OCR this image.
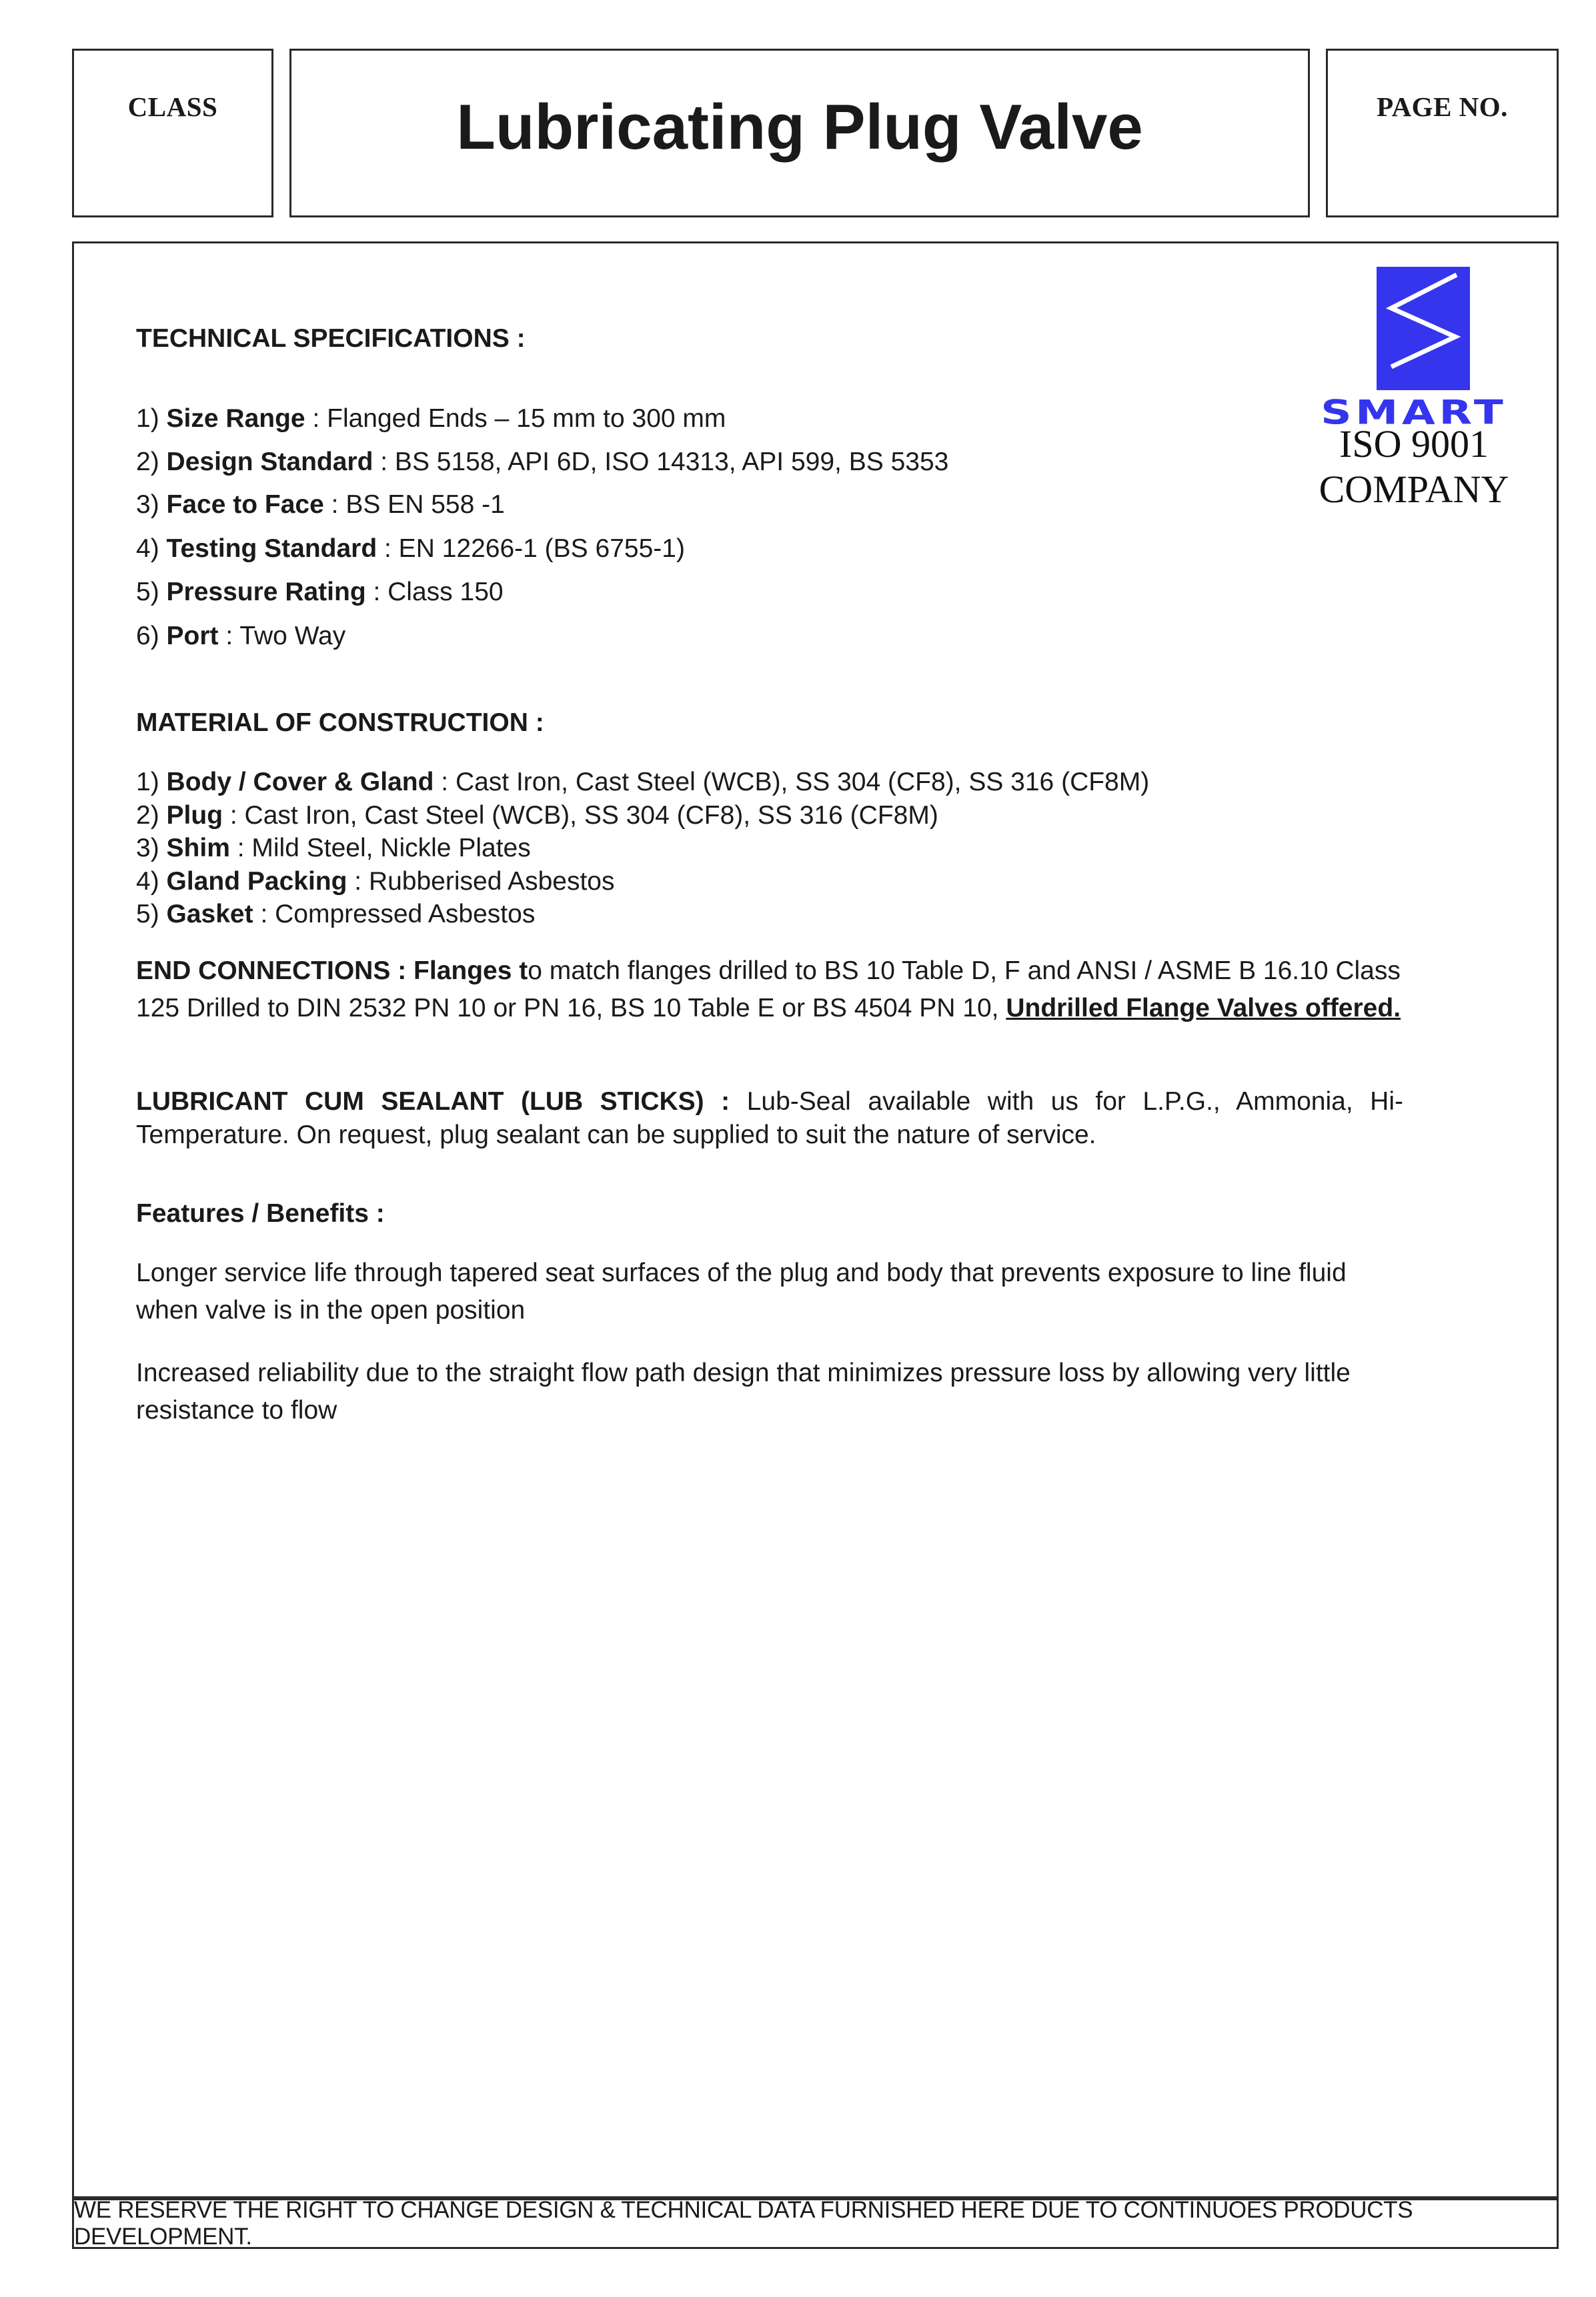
CLASS	Lubricating Plug Valve	PAGE NO.
SMART
ISO 9001
COMPANY
TECHNICAL SPECIFICATIONS :
1) Size Range : Flanged Ends – 15 mm to 300 mm
2) Design Standard : BS 5158, API 6D, ISO 14313, API 599, BS 5353
3) Face to Face : BS EN 558 -1
4) Testing Standard : EN 12266-1 (BS 6755-1)
5) Pressure Rating : Class 150
6) Port : Two Way
MATERIAL OF CONSTRUCTION :
1) Body / Cover & Gland : Cast Iron, Cast Steel (WCB), SS 304 (CF8), SS 316 (CF8M)
2) Plug : Cast Iron, Cast Steel (WCB), SS 304 (CF8), SS 316 (CF8M)
3) Shim : Mild Steel, Nickle Plates
4) Gland Packing : Rubberised Asbestos
5) Gasket : Compressed Asbestos
END CONNECTIONS : Flanges to match flanges drilled to BS 10 Table D, F and ANSI / ASME B 16.10 Class 125 Drilled to DIN 2532 PN 10 or PN 16, BS 10 Table E or BS 4504 PN 10, Undrilled Flange Valves offered.
LUBRICANT CUM SEALANT (LUB STICKS) : Lub-Seal available with us for L.P.G., Ammonia, Hi-Temperature. On request, plug sealant can be supplied to suit the nature of service.
Features / Benefits :
Longer service life through tapered seat surfaces of the plug and body that prevents exposure to line fluid when valve is in the open position
Increased reliability due to the straight flow path design that minimizes pressure loss by allowing very little resistance to flow
WE RESERVE THE RIGHT TO CHANGE DESIGN & TECHNICAL DATA FURNISHED HERE DUE TO CONTINUOES PRODUCTS DEVELOPMENT.
